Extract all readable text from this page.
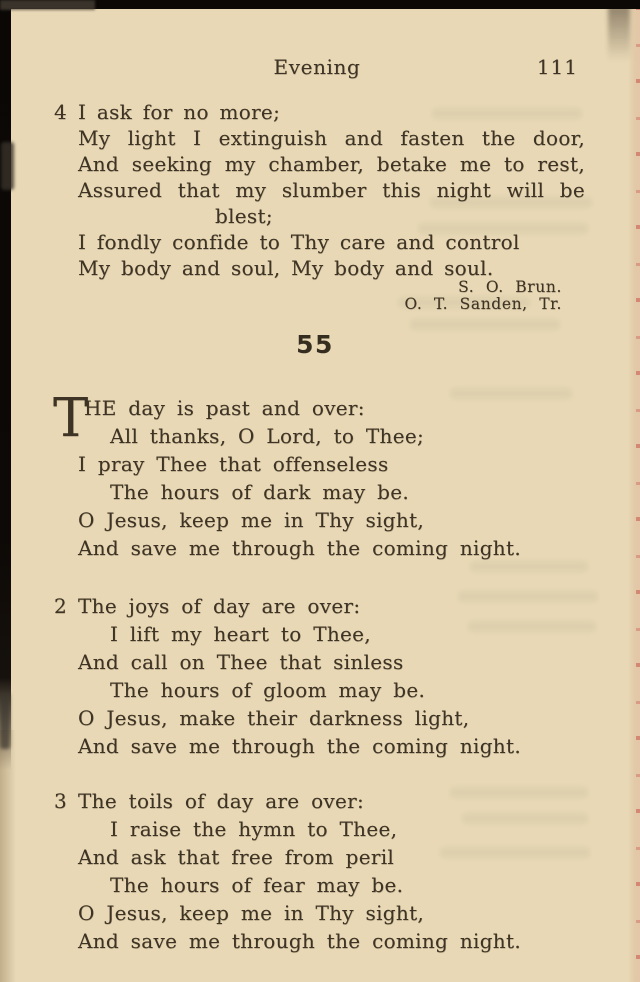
Evening	111
4 I ask for no more;
My light I extinguish and fasten the door,
And seeking my chamber, betake me to rest,
Assured that my slumber this night will be
blest;
I fondly confide to Thy care and control
My body and soul, My body and soul.
S. O. Brun.
O. T. Sanden, Tr.
55
T
HE day is past and over:
All thanks, O Lord, to Thee;
I pray Thee that offenseless
The hours of dark may be.
O Jesus, keep me in Thy sight,
And save me through the coming night.
2 The joys of day are over:
I lift my heart to Thee,
And call on Thee that sinless
The hours of gloom may be.
O Jesus, make their darkness light,
And save me through the coming night.
3 The toils of day are over:
I raise the hymn to Thee,
And ask that free from peril
The hours of fear may be.
O Jesus, keep me in Thy sight,
And save me through the coming night.
